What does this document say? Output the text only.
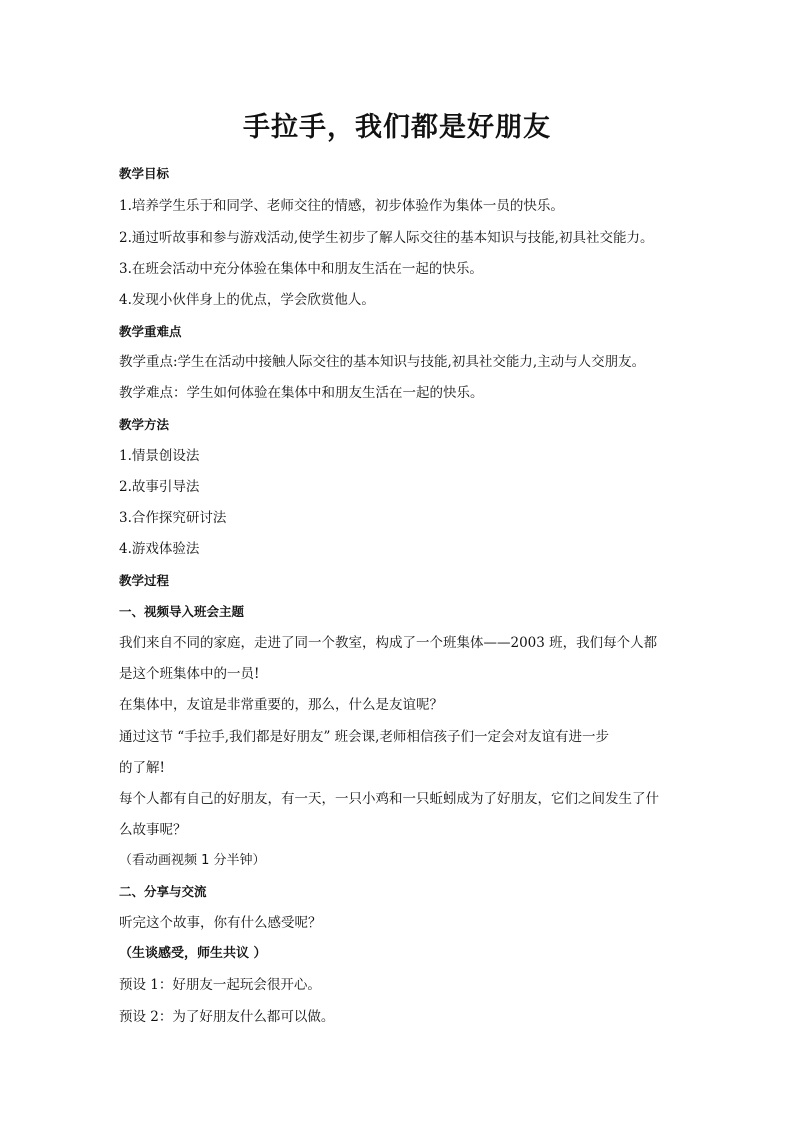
手拉手，我们都是好朋友
教学目标
1.培养学生乐于和同学、老师交往的情感，初步体验作为集体一员的快乐。
2.通过听故事和参与游戏活动,使学生初步了解人际交往的基本知识与技能,初具社交能力。
3.在班会活动中充分体验在集体中和朋友生活在一起的快乐。
4.发现小伙伴身上的优点，学会欣赏他人。
教学重难点
教学重点:学生在活动中接触人际交往的基本知识与技能,初具社交能力,主动与人交朋友。
教学难点：学生如何体验在集体中和朋友生活在一起的快乐。
教学方法
1.情景创设法
2.故事引导法
3.合作探究研讨法
4.游戏体验法
教学过程
一、视频导入班会主题
我们来自不同的家庭，走进了同一个教室，构成了一个班集体——2003 班，我们每个人都
是这个班集体中的一员!
在集体中，友谊是非常重要的，那么，什么是友谊呢？
通过这节 “手拉手,我们都是好朋友” 班会课,老师相信孩子们一定会对友谊有进一步
的了解!
每个人都有自己的好朋友，有一天，一只小鸡和一只蚯蚓成为了好朋友，它们之间发生了什
么故事呢？
（看动画视频 1 分半钟）
二、分享与交流
听完这个故事，你有什么感受呢？
（生谈感受，师生共议 ）
预设 1：好朋友一起玩会很开心。
预设 2：为了好朋友什么都可以做。
